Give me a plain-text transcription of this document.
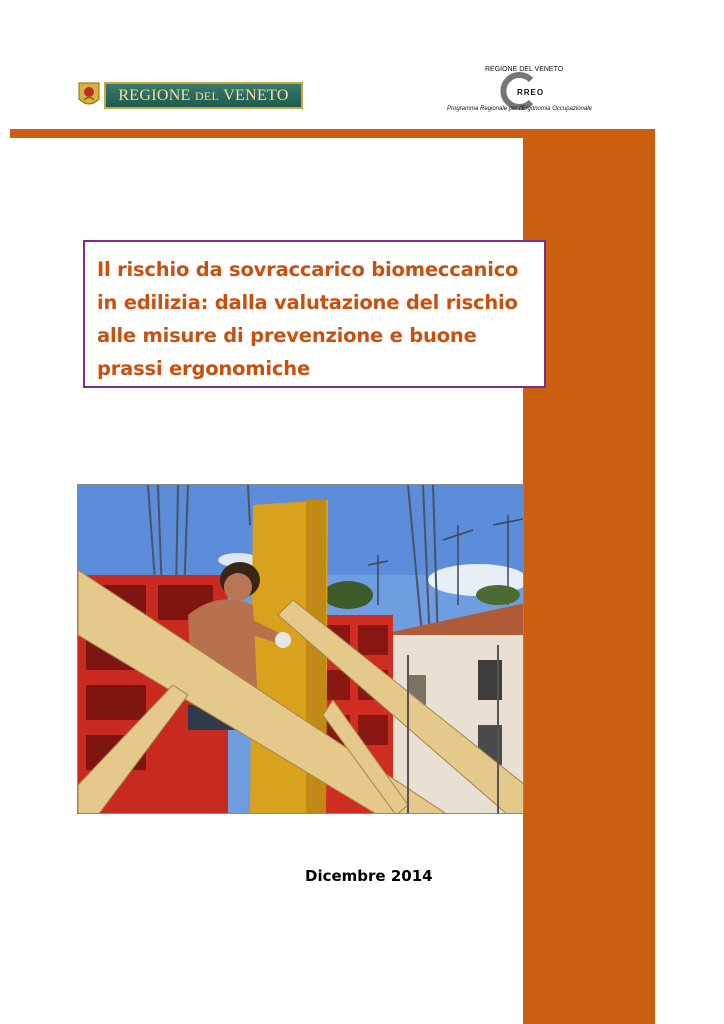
REGIONE DEL VENETO
REGIONE DEL VENETO
RREO
Programma Regionale per l'Ergonomia Occupazionale

Il rischio da sovraccarico biomeccanico
in edilizia: dalla valutazione del rischio
alle misure di prevenzione e buone
prassi ergonomiche

Dicembre 2014
